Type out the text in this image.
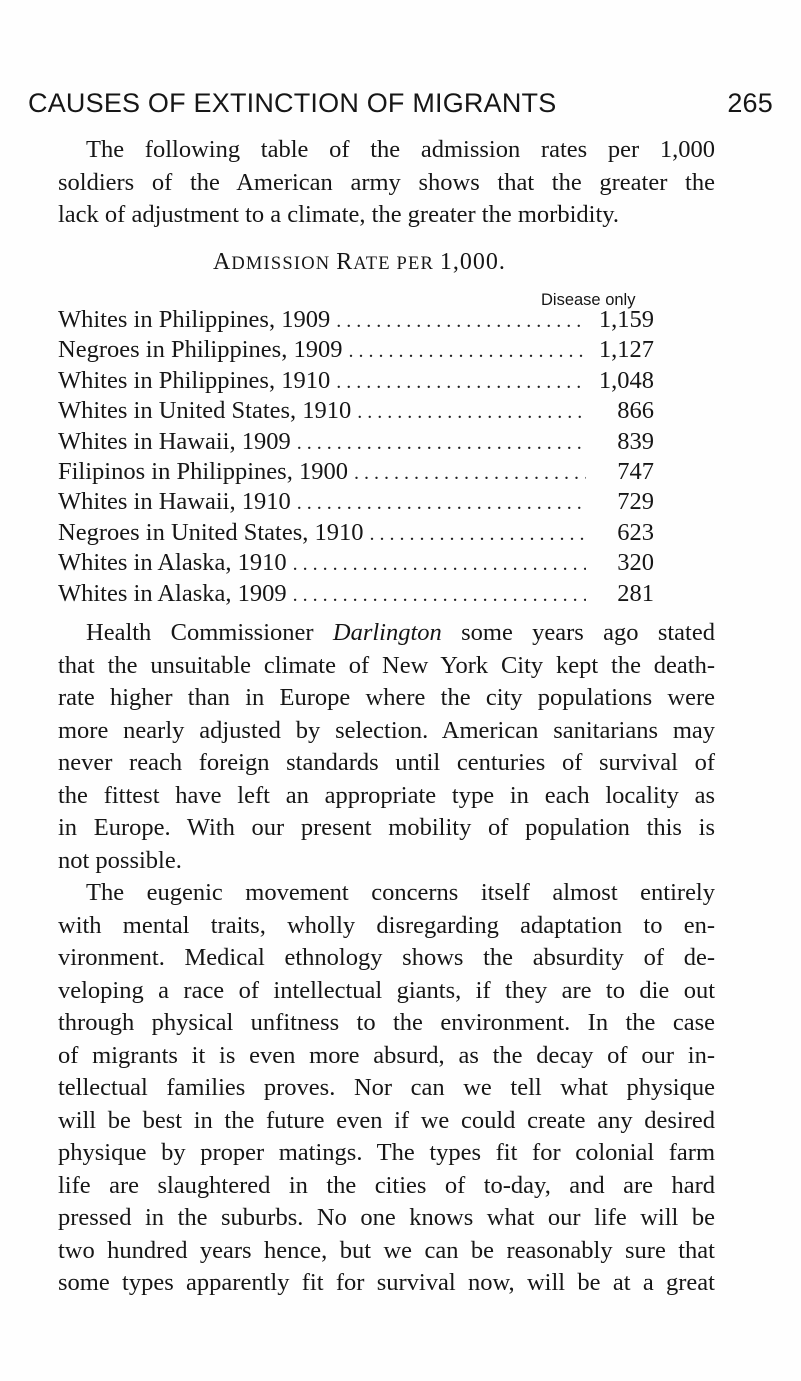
CAUSES OF EXTINCTION OF MIGRANTS	265
The following table of the admission rates per 1,000
soldiers of the American army shows that the greater the
lack of adjustment to a climate, the greater the morbidity.
ADMISSION RATE PER 1,000.
Disease only
Whites in Philippines, 1909 . . .	1,159
Negroes in Philippines, 1909 . . .	1,127
Whites in Philippines, 1910 . . .	1,048
Whites in United States, 1910 . . .	866
Whites in Hawaii, 1909 . . .	839
Filipinos in Philippines, 1900 . . .	747
Whites in Hawaii, 1910 . . .	729
Negroes in United States, 1910 . . .	623
Whites in Alaska, 1910 . . .	320
Whites in Alaska, 1909 . . .	281
Health Commissioner Darlington some years ago stated
that the unsuitable climate of New York City kept the death-
rate higher than in Europe where the city populations were
more nearly adjusted by selection. American sanitarians may
never reach foreign standards until centuries of survival of
the fittest have left an appropriate type in each locality as
in Europe. With our present mobility of population this is
not possible.
The eugenic movement concerns itself almost entirely
with mental traits, wholly disregarding adaptation to en-
vironment. Medical ethnology shows the absurdity of de-
veloping a race of intellectual giants, if they are to die out
through physical unfitness to the environment. In the case
of migrants it is even more absurd, as the decay of our in-
tellectual families proves. Nor can we tell what physique
will be best in the future even if we could create any desired
physique by proper matings. The types fit for colonial farm
life are slaughtered in the cities of to-day, and are hard
pressed in the suburbs. No one knows what our life will be
two hundred years hence, but we can be reasonably sure that
some types apparently fit for survival now, will be at a great
